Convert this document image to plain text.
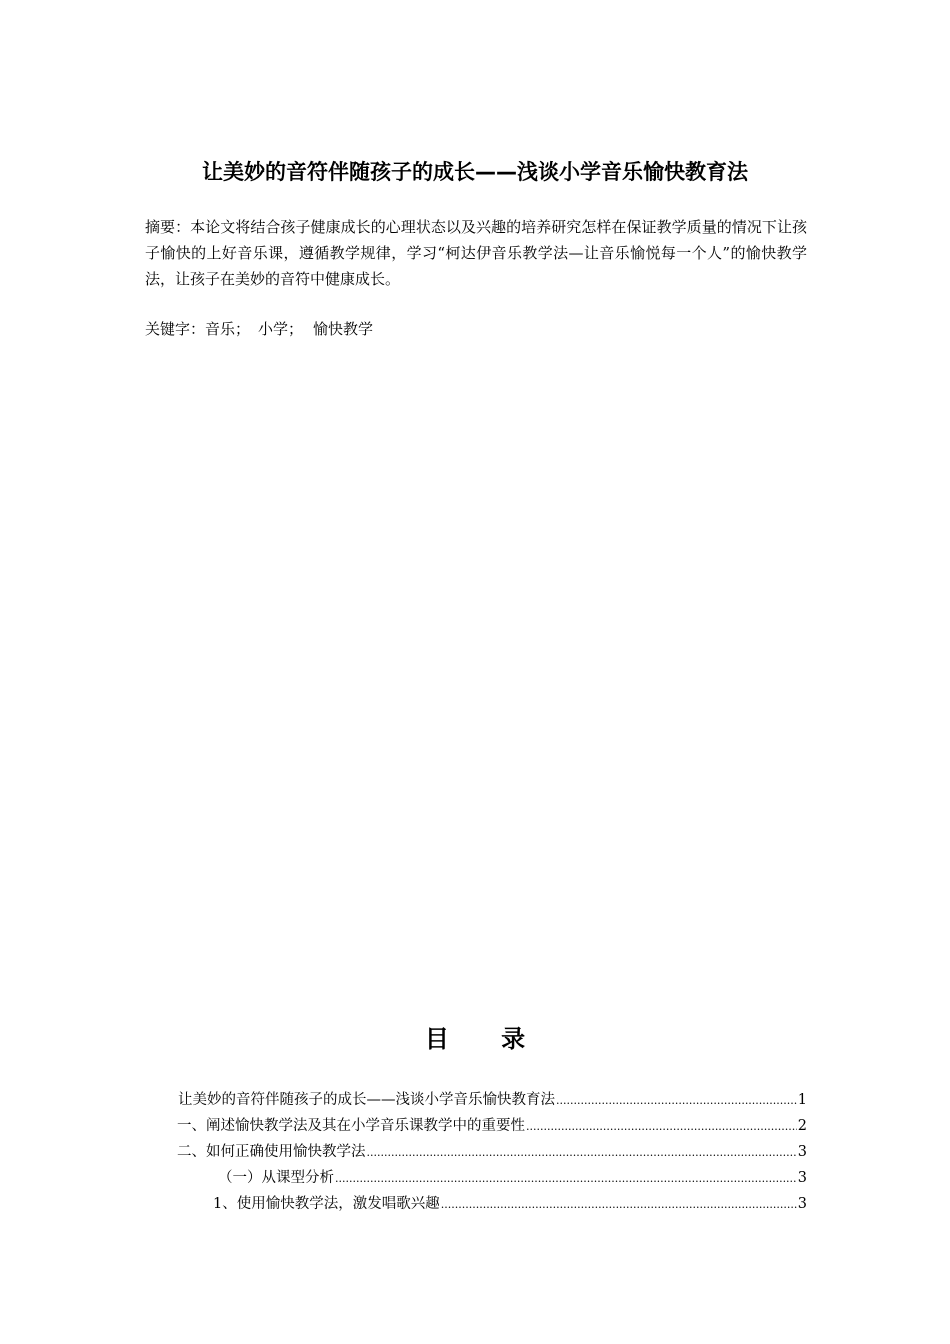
让美妙的音符伴随孩子的成长——浅谈小学音乐愉快教育法
摘要：本论文将结合孩子健康成长的心理状态以及兴趣的培养研究怎样在保证教学质量的情况下让孩子愉快的上好音乐课，遵循教学规律，学习“柯达伊音乐教学法—让音乐愉悦每一个人”的愉快教学法，让孩子在美妙的音符中健康成长。
关键字：音乐； 小学； 愉快教学
目 录
让美妙的音符伴随孩子的成长——浅谈小学音乐愉快教育法 .....	1
一、阐述愉快教学法及其在小学音乐课教学中的重要性 .....	2
二、如何正确使用愉快教学法 .....	3
（一）从课型分析 .....	3
1、使用愉快教学法，激发唱歌兴趣 .....	3
